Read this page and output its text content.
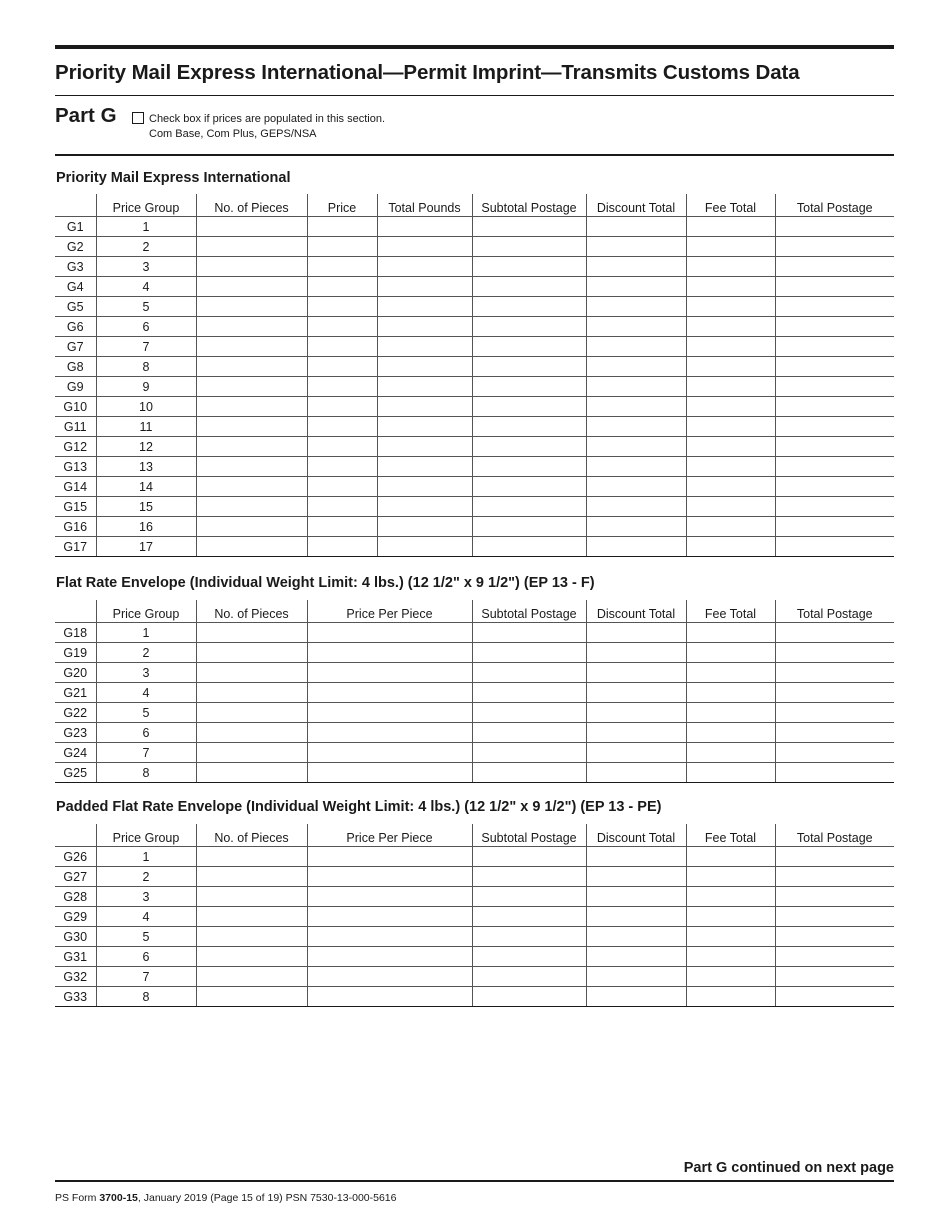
Priority Mail Express International—Permit Imprint—Transmits Customs Data
Part G	Check box if prices are populated in this section.
Com Base, Com Plus, GEPS/NSA
Priority Mail Express International
	Price Group	No. of Pieces	Price	Total Pounds	Subtotal Postage	Discount Total	Fee Total	Total Postage
G1	1							
G2	2							
G3	3							
G4	4							
G5	5							
G6	6							
G7	7							
G8	8							
G9	9							
G10	10							
G11	11							
G12	12							
G13	13							
G14	14							
G15	15							
G16	16							
G17	17							
Flat Rate Envelope (Individual Weight Limit: 4 lbs.) (12 1/2" x 9 1/2") (EP 13 - F)
	Price Group	No. of Pieces	Price Per Piece	Subtotal Postage	Discount Total	Fee Total	Total Postage
G18	1						
G19	2						
G20	3						
G21	4						
G22	5						
G23	6						
G24	7						
G25	8						
Padded Flat Rate Envelope (Individual Weight Limit: 4 lbs.) (12 1/2" x 9 1/2") (EP 13 - PE)
	Price Group	No. of Pieces	Price Per Piece	Subtotal Postage	Discount Total	Fee Total	Total Postage
G26	1						
G27	2						
G28	3						
G29	4						
G30	5						
G31	6						
G32	7						
G33	8						
Part G continued on next page
PS Form 3700-15, January 2019 (Page 15 of 19) PSN 7530-13-000-5616
